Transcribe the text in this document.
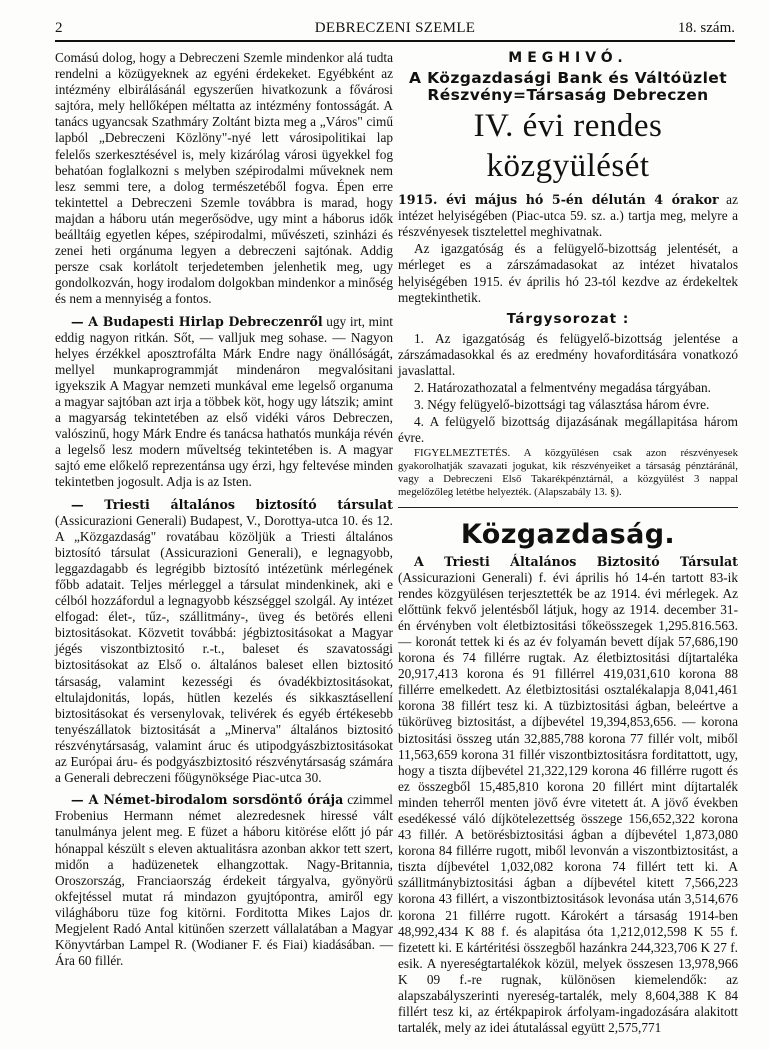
2	DEBRECZENI SZEMLE	18. szám.

Comású dolog, hogy a Debreczeni Szemle mindenkor alá tudta rendelni a közügyeknek az egyéni érdekeket. Egyébként az intézmény elbirálásánál egyszerűen hivatkozunk a fővárosi sajtóra, mely hellőképen méltatta az intézmény fontosságát. A tanács ugyancsak Szathmáry Zoltánt bizta meg a „Város" cimű lapból „Debreczeni Közlöny"-nyé lett városipolitikai lap felelős szerkesztésével is, mely kizárólag városi ügyekkel fog behatóan foglalkozni s melyben szépirodalmi műveknek nem lesz semmi tere, a dolog természetéből fogva. Épen erre tekintettel a Debreczeni Szemle továbbra is marad, hogy majdan a háboru után megerősödve, ugy mint a háborus idők beálltáig egyetlen képes, szépirodalmi, művészeti, szinházi és zenei heti orgánuma legyen a debreczeni sajtónak. Addig persze csak korlátolt terjedetemben jelenhetik meg, ugy gondolkozván, hogy irodalom dolgokban mindenkor a minőség és nem a mennyiség a fontos.

— A Budapesti Hirlap Debreczenről ugy irt, mint eddig nagyon ritkán. Sőt, — valljuk meg sohase. — Nagyon helyes érzékkel aposztrofálta Márk Endre nagy önállóságát, mellyel munkaprogrammját mindenáron megvalósitani igyekszik A Magyar nemzeti munkával eme legelső organuma a magyar sajtóban azt irja a többek köt, hogy ugy látszik; amint a magyarság tekintetében az első vidéki város Debreczen, valószinű, hogy Márk Endre és tanácsa hathatós munkája révén a legelső lesz modern műveltség tekintetében is. A magyar sajtó eme előkelő reprezentánsa ugy érzi, hgy feltevése minden tekintetben jogosult. Adja is az Isten.

— Triesti általános biztosító társulat (Assicurazioni Generali) Budapest, V., Dorottya-utca 10. és 12. A „Közgazdaság" rovatábau közöljük a Triesti általános biztosító társulat (Assicurazioni Generali), e legnagyobb, leggazdagabb és legrégibb biztosító intézetünk mérlegének főbb adatait. Teljes mérleggel a társulat mindenkinek, aki e célból hozzáfordul a legnagyobb készséggel szolgál. Ay intézet elfogad: élet-, tűz-, szállitmány-, üveg és betörés elleni biztositásokat. Közvetit továbbá: jégbiztositásokat a Magyar jégés viszontbiztositó r.-t., baleset és szavatossági biztositásokat az Első o. általános baleset ellen biztositó társaság, valamint kezességi és óvadékbiztositásokat, eltulajdonitás, lopás, hütlen kezelés és sikkasztásellení biztositásokat és versenylovak, telivérek és egyéb értékesebb tenyészállatok biztositását a „Minerva" általános biztositó részvénytársaság, valamint áruc és utipodgyászbiztositásokat az Európai áru- és podgyászbiztositó részvénytársaság számára a Generali debreczeni főügynöksége Piac-utca 30.

— A Német-birodalom sorsdöntő órája czimmel Frobenius Hermann német alezredesnek hiressé vált tanulmánya jelent meg. E füzet a háboru kitörése előtt jó pár hónappal készült s eleven aktualitásra azonban akkor tett szert, midőn a hadüzenetek elhangzottak. Nagy-Britannia, Oroszország, Franciaország érdekeit tárgyalva, gyönyörü okfejtéssel mutat rá mindazon gyujtópontra, amiről egy világháboru tüze fog kitörni. Forditotta Mikes Lajos dr. Megjelent Radó Antal kitünően szerzett vállalatában a Magyar Könyvtárban Lampel R. (Wodianer F. és Fiai) kiadásában. — Ára 60 fillér.

MEGHIVÓ.
A Közgazdasági Bank és Váltóüzlet Részvény=Társaság Debreczen
IV. évi rendes közgyülését

1915. évi május hó 5-én délután 4 órakor az intézet helyiségében (Piac-utca 59. sz. a.) tartja meg, melyre a részvényesek tisztelettel meghivatnak.

Az igazgatóság és a felügyelő-bizottság jelentését, a mérleget es a zárszámadasokat az intézet hivatalos helyiségében 1915. év április hó 23-tól kezdve az érdekeltek megtekinthetik.

Tárgysorozat :

1. Az igazgatóság és felügyelő-bizottság jelentése a zárszámadasokkal és az eredmény hovaforditására vonatkozó javaslattal.

2. Határozathozatal a felmentvény megadása tárgyában.

3. Négy felügyelő-bizottsági tag választása három évre.

4. A felügyelő bizottság dijazásának megállapitása három évre.

FIGYELMEZTETÉS. A közgyülésen csak azon részvényesek gyakorolhatják szavazati jogukat, kik részvényeiket a társaság pénztáránál, vagy a Debreczeni Első Takarékpénztárnál, a közgyülést 3 nappal megelőzőleg letétbe helyezték. (Alapszabály 13. §).

Közgazdaság.

A Triesti Általános Biztositó Társulat (Assicurazioni Generali) f. évi április hó 14-én tartott 83-ik rendes közgyülésen terjesztették be az 1914. évi mérlegek. Az előttünk fekvő jelentésből látjuk, hogy az 1914. december 31-én érvényben volt életbiztositási tőkeösszegek 1,295.816.563. — koronát tettek ki és az év folyamán bevett díjak 57,686,190 korona és 74 fillérre rugtak. Az életbiztositási díjtartaléka 20,917,413 korona és 91 fillérrel 419,031,610 korona 88 fillérre emelkedett. Az életbiztositási osztalékalapja 8,041,461 korona 38 fillért tesz ki. A tüzbiztositási ágban, beleértve a tükörüveg biztositást, a díjbevétel 19,394,853,656. — korona biztositási összeg után 32,885,788 korona 77 fillér volt, miből 11,563,659 korona 31 fillér viszontbiztositásra forditattott, ugy, hogy a tiszta díjbevétel 21,322,129 korona 46 fillérre rugott és ez összegből 15,485,810 korona 20 fillért mint díjtartalék minden teherről menten jövő évre vitetett át. A jövő években esedékessé váló díjkötelezettség összege 156,652,322 korona 43 fillér. A betörésbiztositási ágban a díjbevétel 1,873,080 korona 84 fillérre rugott, miből levonván a viszontbiztositást, a tiszta díjbevétel 1,032,082 korona 74 fillért tett ki. A szállitmánybiztositási ágban a díjbevétel kitett 7,566,223 korona 43 fillért, a viszontbiztositások levonása után 3,514,676 korona 21 fillérre rugott. Károkért a társaság 1914-ben 48,992,434 K 88 f. és alapitása óta 1,212,012,598 K 55 f. fizetett ki. E kártéritési összegből hazánkra 244,323,706 K 27 f. esik. A nyereségtartalékok közül, melyek összesen 13,978,966 K 09 f.-re rugnak, különösen kiemelendők: az alapszabályszerinti nyereség-tartalék, mely 8,604,388 K 84 fillért tesz ki, az értékpapirok árfolyam-ingadozására alakitott tartalék, mely az idei átutalással együtt 2,575,771
